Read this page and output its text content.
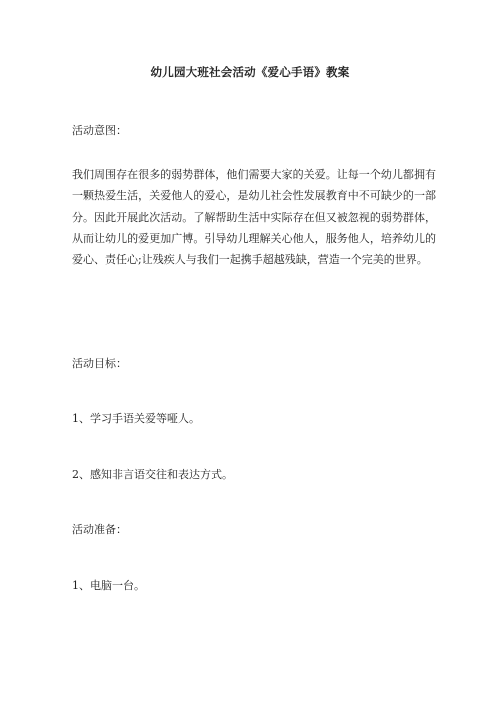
幼儿园大班社会活动《爱心手语》教案
活动意图：

我们周围存在很多的弱势群体，他们需要大家的关爱。让每一个幼儿都拥有一颗热爱生活，关爱他人的爱心，是幼儿社会性发展教育中不可缺少的一部分。因此开展此次活动。了解帮助生活中实际存在但又被忽视的弱势群体，从而让幼儿的爱更加广博。引导幼儿理解关心他人，服务他人，培养幼儿的爱心、责任心;让残疾人与我们一起携手超越残缺，营造一个完美的世界。

活动目标：
1、学习手语关爱等哑人。
2、感知非言语交往和表达方式。
活动准备：
1、电脑一台。
